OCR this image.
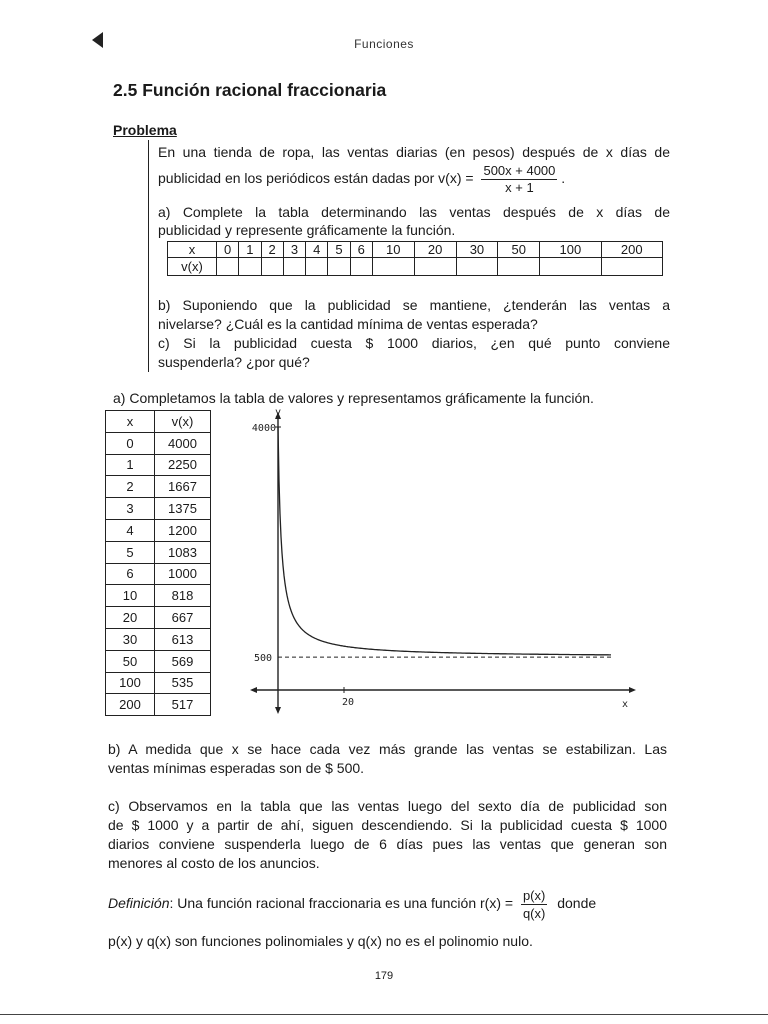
Funciones
2.5 Función racional fraccionaria
Problema
En una tienda de ropa, las ventas diarias (en pesos) después de x días de
publicidad en los periódicos están dadas por $v(x) = \frac{500x + 4000}{x + 1}$ .
a) Complete la tabla determinando las ventas después de x días de
publicidad y represente gráficamente la función.
x	0	1	2	3	4	5	6	10	20	30	50	100	200
v(x)													
b) Suponiendo que la publicidad se mantiene, ¿tenderán las ventas a
nivelarse? ¿Cuál es la cantidad mínima de ventas esperada?
c) Si la publicidad cuesta $ 1000 diarios, ¿en qué punto conviene
suspenderla? ¿por qué?
a) Completamos la tabla de valores y representamos gráficamente la función.
x	v(x)
0	4000
1	2250
2	1667
3	1375
4	1200
5	1083
6	1000
10	818
20	667
30	613
50	569
100	535
200	517
y
x
4000
500
20
b) A medida que x se hace cada vez más grande las ventas se estabilizan. Las
ventas mínimas esperadas son de $ 500.
c) Observamos en la tabla que las ventas luego del sexto día de publicidad son
de $ 1000 y a partir de ahí, siguen descendiendo. Si la publicidad cuesta $ 1000
diarios conviene suspenderla luego de 6 días pues las ventas que generan son
menores al costo de los anuncios.
Definición: Una función racional fraccionaria es una función $r(x) = \frac{p(x)}{q(x)}$ donde
p(x) y q(x) son funciones polinomiales y q(x) no es el polinomio nulo.
179
